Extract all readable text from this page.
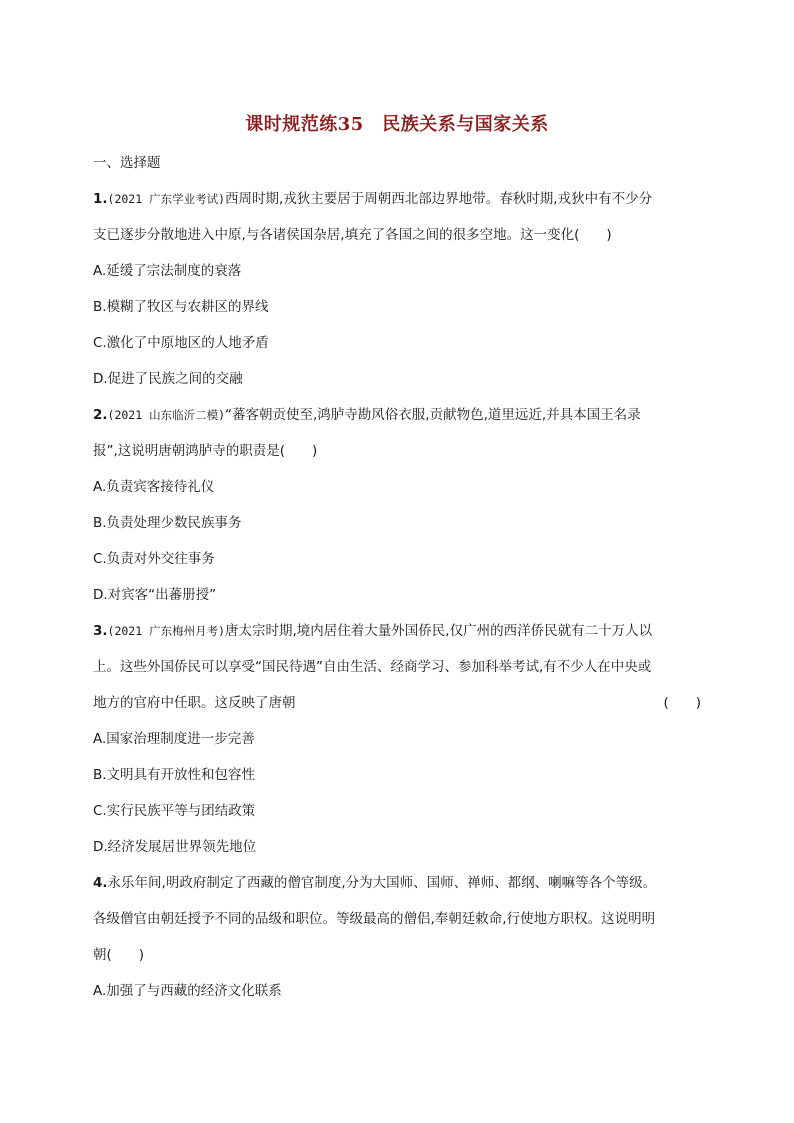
课时规范练35　民族关系与国家关系
一、选择题
1.(2021 广东学业考试)西周时期,戎狄主要居于周朝西北部边界地带。春秋时期,戎狄中有不少分
支已逐步分散地进入中原,与各诸侯国杂居,填充了各国之间的很多空地。这一变化(　　)
A.延缓了宗法制度的衰落
B.模糊了牧区与农耕区的界线
C.激化了中原地区的人地矛盾
D.促进了民族之间的交融
2.(2021 山东临沂二模)“蕃客朝贡使至,鸿胪寺勘风俗衣服,贡献物色,道里远近,并具本国王名录
报”,这说明唐朝鸿胪寺的职责是(　　)
A.负责宾客接待礼仪
B.负责处理少数民族事务
C.负责对外交往事务
D.对宾客“出蕃册授”
3.(2021 广东梅州月考)唐太宗时期,境内居住着大量外国侨民,仅广州的西洋侨民就有二十万人以
上。这些外国侨民可以享受“国民待遇”自由生活、经商学习、参加科举考试,有不少人在中央或
地方的官府中任职。这反映了唐朝	(　　)
A.国家治理制度进一步完善
B.文明具有开放性和包容性
C.实行民族平等与团结政策
D.经济发展居世界领先地位
4.永乐年间,明政府制定了西藏的僧官制度,分为大国师、国师、禅师、都纲、喇嘛等各个等级。
各级僧官由朝廷授予不同的品级和职位。等级最高的僧侣,奉朝廷敕命,行使地方职权。这说明明
朝(　　)
A.加强了与西藏的经济文化联系
